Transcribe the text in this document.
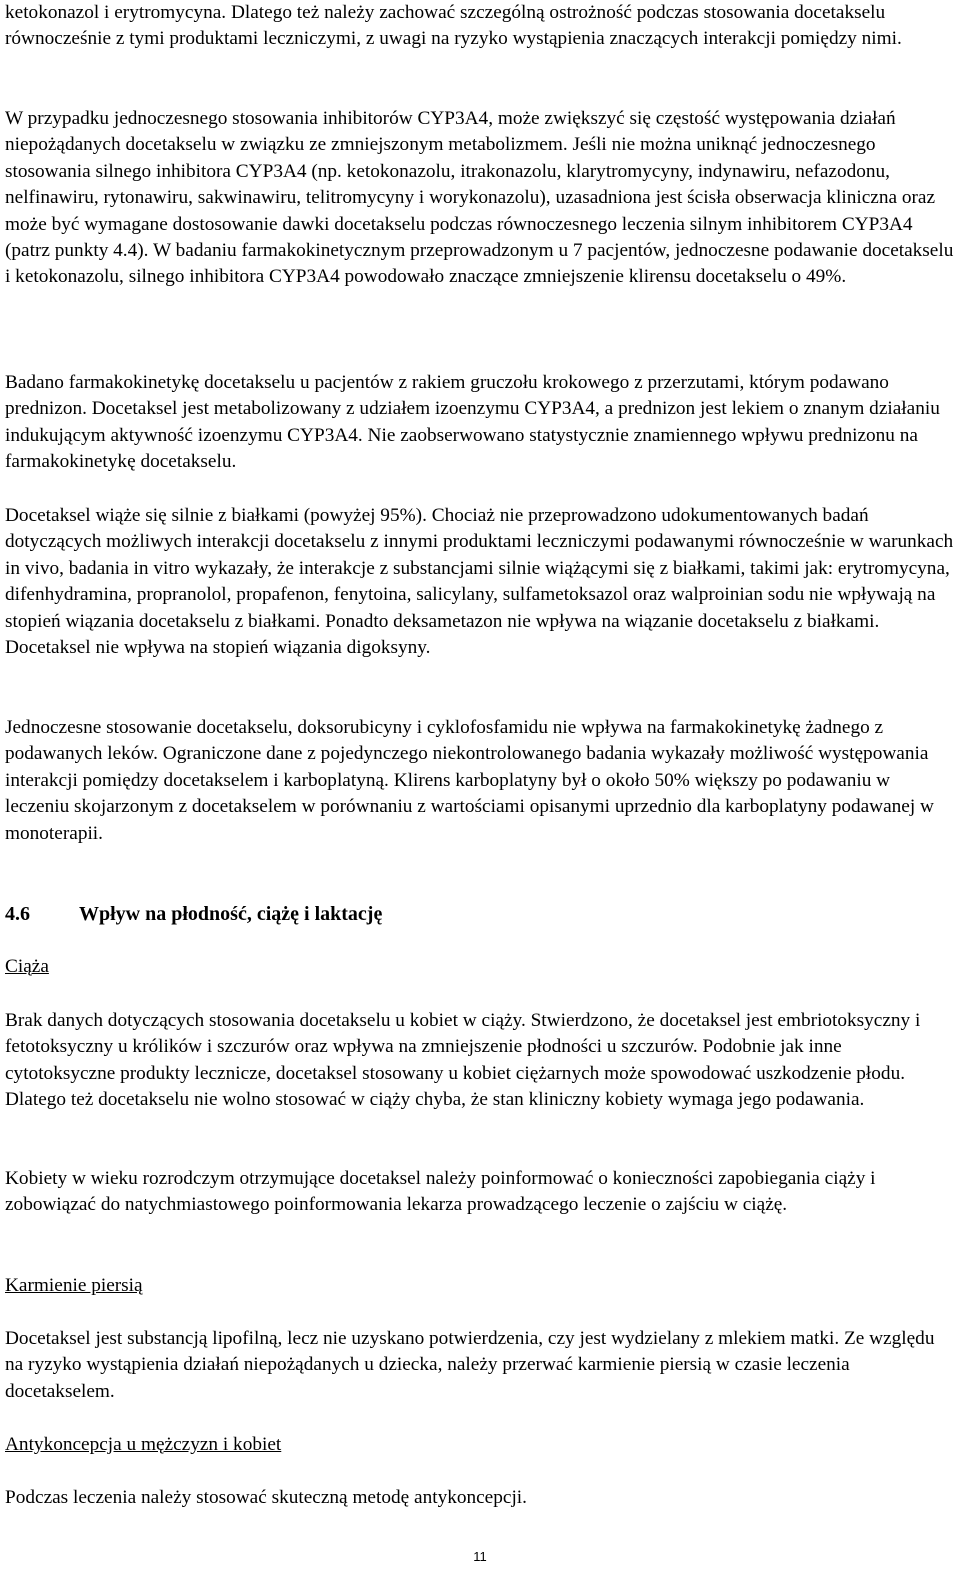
ketokonazol i erytromycyna. Dlatego też należy zachować szczególną ostrożność podczas stosowania docetakselu równocześnie z tymi produktami leczniczymi, z uwagi na ryzyko wystąpienia znaczących interakcji pomiędzy nimi.

W przypadku jednoczesnego stosowania inhibitorów CYP3A4, może zwiększyć się częstość występowania działań niepożądanych docetakselu w związku ze zmniejszonym metabolizmem. Jeśli nie można uniknąć jednoczesnego stosowania silnego inhibitora CYP3A4 (np. ketokonazolu, itrakonazolu, klarytromycyny, indynawiru, nefazodonu, nelfinawiru, rytonawiru, sakwinawiru, telitromycyny i worykonazolu), uzasadniona jest ścisła obserwacja kliniczna oraz może być wymagane dostosowanie dawki docetakselu podczas równoczesnego leczenia silnym inhibitorem CYP3A4 (patrz punkty 4.4). W badaniu farmakokinetycznym przeprowadzonym u 7 pacjentów, jednoczesne podawanie docetakselu i ketokonazolu, silnego inhibitora CYP3A4 powodowało znaczące zmniejszenie klirensu docetakselu o 49%.

Badano farmakokinetykę docetakselu u pacjentów z rakiem gruczołu krokowego z przerzutami, którym podawano prednizon. Docetaksel jest metabolizowany z udziałem izoenzymu CYP3A4, a prednizon jest lekiem o znanym działaniu indukującym aktywność izoenzymu CYP3A4. Nie zaobserwowano statystycznie znamiennego wpływu prednizonu na farmakokinetykę docetakselu.

Docetaksel wiąże się silnie z białkami (powyżej 95%). Chociaż nie przeprowadzono udokumentowanych badań dotyczących możliwych interakcji docetakselu z innymi produktami leczniczymi podawanymi równocześnie w warunkach in vivo, badania in vitro wykazały, że interakcje z substancjami silnie wiążącymi się z białkami, takimi jak: erytromycyna, difenhydramina, propranolol, propafenon, fenytoina, salicylany, sulfametoksazol oraz walproinian sodu nie wpływają na stopień wiązania docetakselu z białkami. Ponadto deksametazon nie wpływa na wiązanie docetakselu z białkami. Docetaksel nie wpływa na stopień wiązania digoksyny.

Jednoczesne stosowanie docetakselu, doksorubicyny i cyklofosfamidu nie wpływa na farmakokinetykę żadnego z podawanych leków. Ograniczone dane z pojedynczego niekontrolowanego badania wykazały możliwość występowania interakcji pomiędzy docetakselem i karboplatyną. Klirens karboplatyny był o około 50% większy po podawaniu w leczeniu skojarzonym z docetakselem w porównaniu z wartościami opisanymi uprzednio dla karboplatyny podawanej w monoterapii.

4.6 Wpływ na płodność, ciążę i laktację

Ciąża

Brak danych dotyczących stosowania docetakselu u kobiet w ciąży. Stwierdzono, że docetaksel jest embriotoksyczny i fetotoksyczny u królików i szczurów oraz wpływa na zmniejszenie płodności u szczurów. Podobnie jak inne cytotoksyczne produkty lecznicze, docetaksel stosowany u kobiet ciężarnych może spowodować uszkodzenie płodu. Dlatego też docetakselu nie wolno stosować w ciąży chyba, że stan kliniczny kobiety wymaga jego podawania.

Kobiety w wieku rozrodczym otrzymujące docetaksel należy poinformować o konieczności zapobiegania ciąży i zobowiązać do natychmiastowego poinformowania lekarza prowadzącego leczenie o zajściu w ciążę.

Karmienie piersią

Docetaksel jest substancją lipofilną, lecz nie uzyskano potwierdzenia, czy jest wydzielany z mlekiem matki. Ze względu na ryzyko wystąpienia działań niepożądanych u dziecka, należy przerwać karmienie piersią w czasie leczenia docetakselem.

Antykoncepcja u mężczyzn i kobiet

Podczas leczenia należy stosować skuteczną metodę antykoncepcji.

11
